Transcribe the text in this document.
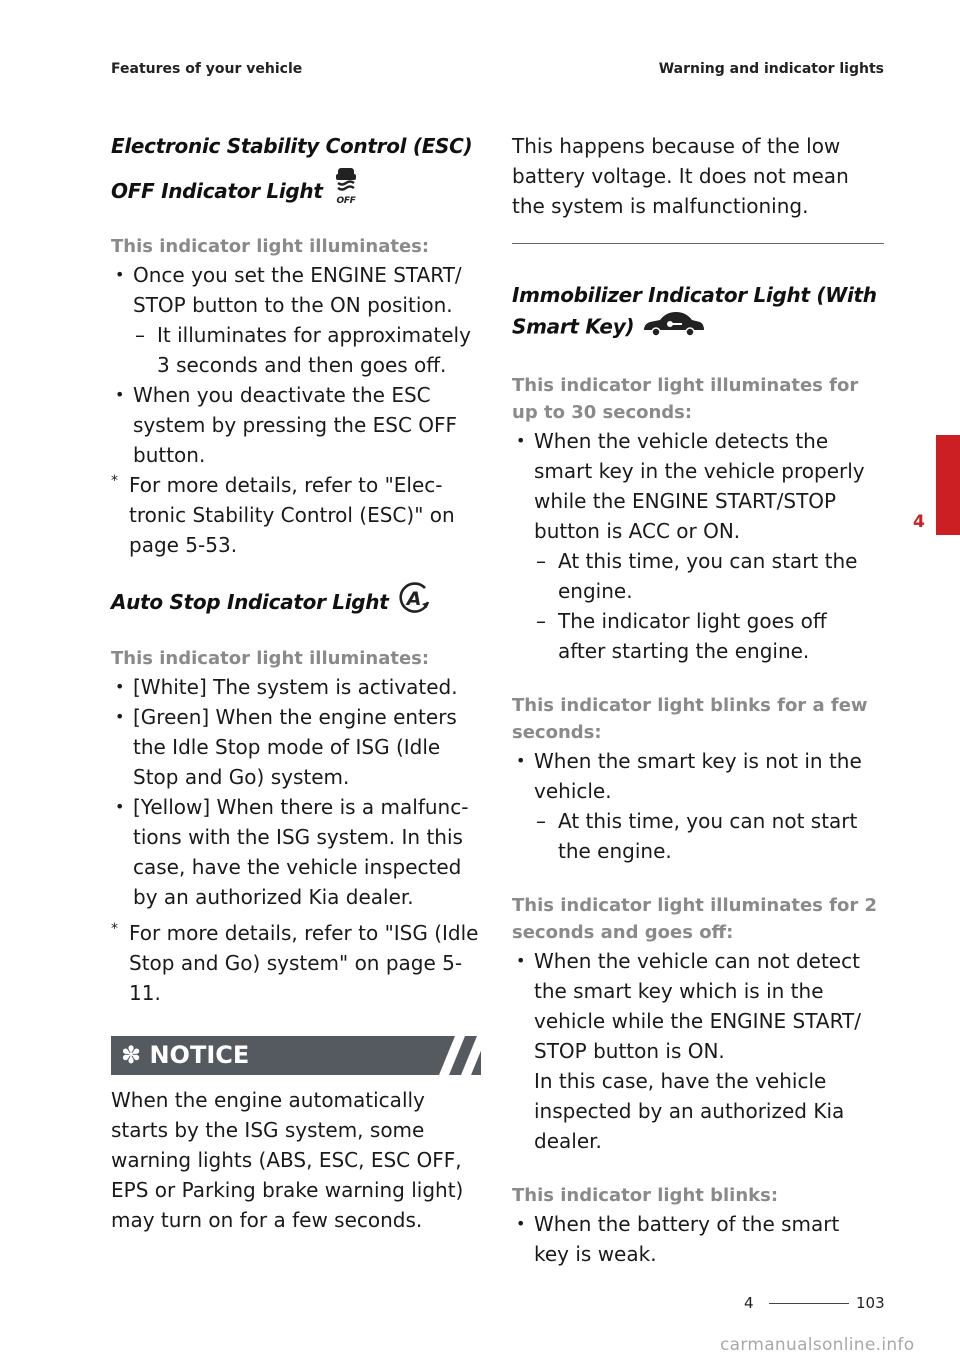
Features of your vehicle	Warning and indicator lights
Electronic Stability Control (ESC)
OFF Indicator Light OFF
This indicator light illuminates:
• Once you set the ENGINE START/
STOP button to the ON position.
– It illuminates for approximately
3 seconds and then goes off.
• When you deactivate the ESC
system by pressing the ESC OFF
button.
* For more details, refer to "Elec-
tronic Stability Control (ESC)" on
page 5-53.
Auto Stop Indicator Light A
This indicator light illuminates:
• [White] The system is activated.
• [Green] When the engine enters
the Idle Stop mode of ISG (Idle
Stop and Go) system.
• [Yellow] When there is a malfunc-
tions with the ISG system. In this
case, have the vehicle inspected
by an authorized Kia dealer.
* For more details, refer to "ISG (Idle
Stop and Go) system" on page 5-
11.
✽ NOTICE
When the engine automatically
starts by the ISG system, some
warning lights (ABS, ESC, ESC OFF,
EPS or Parking brake warning light)
may turn on for a few seconds.
This happens because of the low
battery voltage. It does not mean
the system is malfunctioning.
Immobilizer Indicator Light (With
Smart Key)
This indicator light illuminates for
up to 30 seconds:
• When the vehicle detects the
smart key in the vehicle properly
while the ENGINE START/STOP
button is ACC or ON.
– At this time, you can start the
engine.
– The indicator light goes off
after starting the engine.
This indicator light blinks for a few
seconds:
• When the smart key is not in the
vehicle.
– At this time, you can not start
the engine.
This indicator light illuminates for 2
seconds and goes off:
• When the vehicle can not detect
the smart key which is in the
vehicle while the ENGINE START/
STOP button is ON.
In this case, have the vehicle
inspected by an authorized Kia
dealer.
This indicator light blinks:
• When the battery of the smart
key is weak.
4
4	103
carmanualsonline.info
